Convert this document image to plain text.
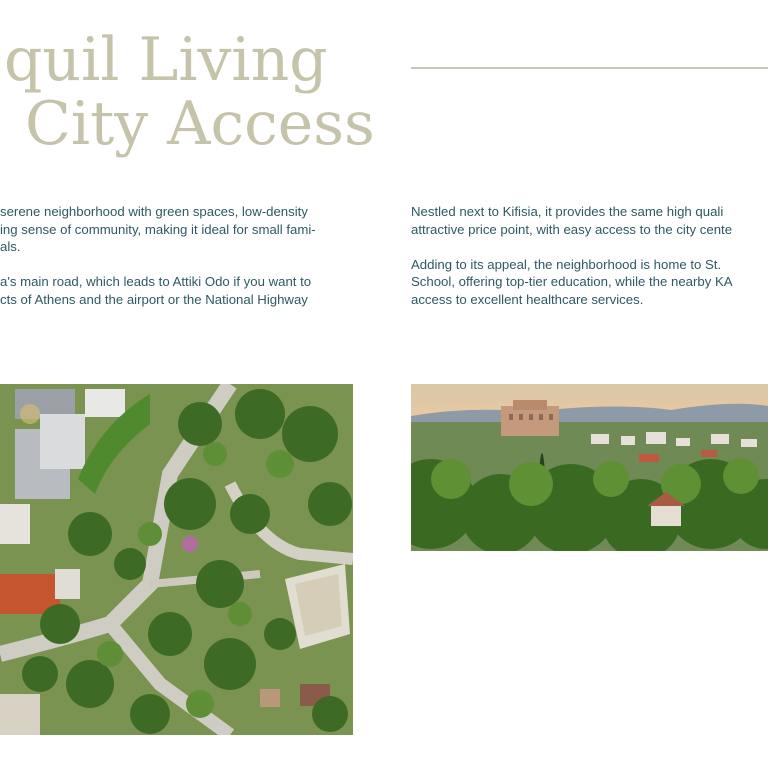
quil Living
City Access

serene neighborhood with green spaces, low-density
ing sense of community, making it ideal for small fami-
als.

a's main road, which leads to Attiki Odo if you want to
cts of Athens and the airport or the National Highway

Nestled next to Kifisia, it provides the same high quali
attractive price point, with easy access to the city cente

Adding to its appeal, the neighborhood is home to St.
School, offering top-tier education, while the nearby KA
access to excellent healthcare services.
